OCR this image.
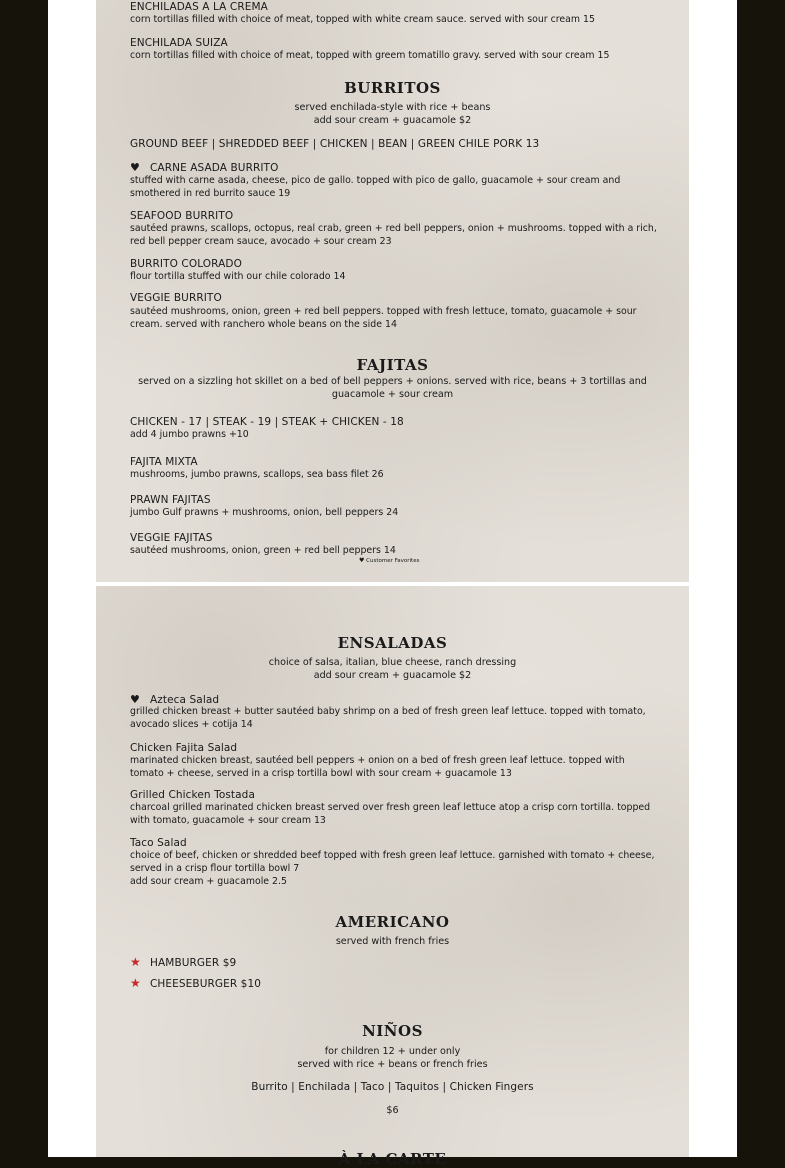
ENCHILADAS A LA CREMA
corn tortillas filled with choice of meat, topped with white cream sauce. served with sour cream 15
ENCHILADA SUIZA
corn tortillas filled with choice of meat, topped with greem tomatillo gravy. served with sour cream 15
BURRITOS
served enchilada-style with rice + beans
add sour cream + guacamole $2
GROUND BEEF | SHREDDED BEEF | CHICKEN | BEAN | GREEN CHILE PORK 13
♥ CARNE ASADA BURRITO
stuffed with carne asada, cheese, pico de gallo. topped with pico de gallo, guacamole + sour cream and smothered in red burrito sauce 19
SEAFOOD BURRITO
sautéed prawns, scallops, octopus, real crab, green + red bell peppers, onion + mushrooms. topped with a rich, red bell pepper cream sauce, avocado + sour cream 23
BURRITO COLORADO
flour tortilla stuffed with our chile colorado 14
VEGGIE BURRITO
sautéed mushrooms, onion, green + red bell peppers. topped with fresh lettuce, tomato, guacamole + sour cream. served with ranchero whole beans on the side 14
FAJITAS
served on a sizzling hot skillet on a bed of bell peppers + onions. served with rice, beans + 3 tortillas and guacamole + sour cream
CHICKEN - 17 | STEAK - 19 | STEAK + CHICKEN - 18
add 4 jumbo prawns +10
FAJITA MIXTA
mushrooms, jumbo prawns, scallops, sea bass filet 26
PRAWN FAJITAS
jumbo Gulf prawns + mushrooms, onion, bell peppers 24
VEGGIE FAJITAS
sautéed mushrooms, onion, green + red bell peppers 14
♥ Customer Favorites
ENSALADAS
choice of salsa, italian, blue cheese, ranch dressing
add sour cream + guacamole $2
♥ Azteca Salad
grilled chicken breast + butter sautéed baby shrimp on a bed of fresh green leaf lettuce. topped with tomato, avocado slices + cotija 14
Chicken Fajita Salad
marinated chicken breast, sautéed bell peppers + onion on a bed of fresh green leaf lettuce. topped with tomato + cheese, served in a crisp tortilla bowl with sour cream + guacamole 13
Grilled Chicken Tostada
charcoal grilled marinated chicken breast served over fresh green leaf lettuce atop a crisp corn tortilla. topped with tomato, guacamole + sour cream 13
Taco Salad
choice of beef, chicken or shredded beef topped with fresh green leaf lettuce. garnished with tomato + cheese, served in a crisp flour tortilla bowl 7
add sour cream + guacamole 2.5
AMERICANO
served with french fries
★ HAMBURGER $9
★ CHEESEBURGER $10
NIÑOS
for children 12 + under only
served with rice + beans or french fries
Burrito | Enchilada | Taco | Taquitos | Chicken Fingers
$6
À LA CARTE
